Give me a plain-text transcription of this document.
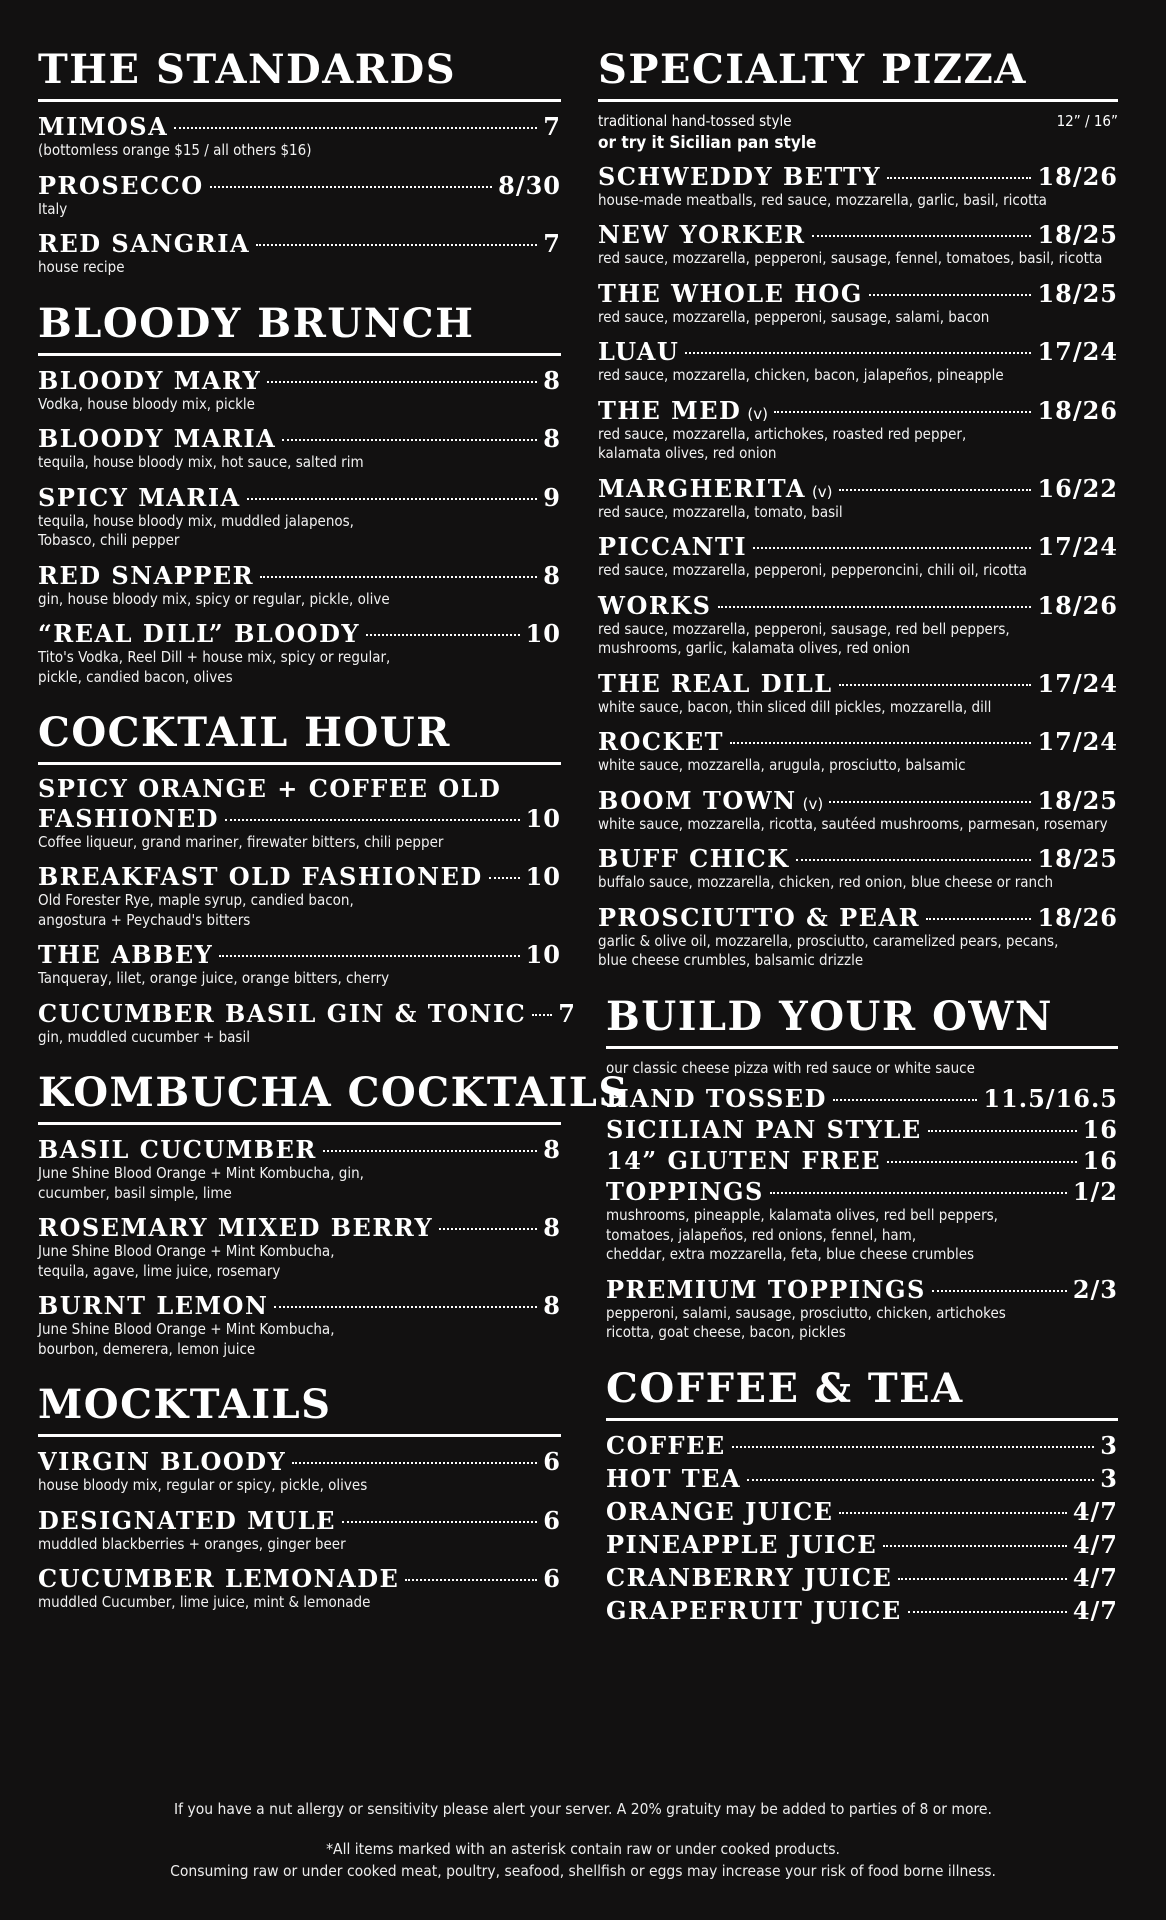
THE STANDARDS
MIMOSA	7
(bottomless orange $15 / all others $16)
PROSECCO	8/30
Italy
RED SANGRIA	7
house recipe
BLOODY BRUNCH
BLOODY MARY	8
Vodka, house bloody mix, pickle
BLOODY MARIA	8
tequila, house bloody mix, hot sauce, salted rim
SPICY MARIA	9
tequila, house bloody mix, muddled jalapenos,
Tobasco, chili pepper
RED SNAPPER	8
gin, house bloody mix, spicy or regular, pickle, olive
“REAL DILL” BLOODY	10
Tito's Vodka, Reel Dill + house mix, spicy or regular,
pickle, candied bacon, olives
COCKTAIL HOUR
SPICY ORANGE + COFFEE OLD
FASHIONED	10
Coffee liqueur, grand mariner, firewater bitters, chili pepper
BREAKFAST OLD FASHIONED 10
Old Forester Rye, maple syrup, candied bacon,
angostura + Peychaud's bitters
THE ABBEY	10
Tanqueray, lilet, orange juice, orange bitters, cherry
CUCUMBER BASIL GIN & TONIC 7
gin, muddled cucumber + basil
KOMBUCHA COCKTAILS
BASIL CUCUMBER	8
June Shine Blood Orange + Mint Kombucha, gin,
cucumber, basil simple, lime
ROSEMARY MIXED BERRY	8
June Shine Blood Orange + Mint Kombucha,
tequila, agave, lime juice, rosemary
BURNT LEMON	8
June Shine Blood Orange + Mint Kombucha,
bourbon, demerera, lemon juice
MOCKTAILS
VIRGIN BLOODY	6
house bloody mix, regular or spicy, pickle, olives
DESIGNATED MULE	6
muddled blackberries + oranges, ginger beer
CUCUMBER LEMONADE	6
muddled Cucumber, lime juice, mint & lemonade
SPECIALTY PIZZA
traditional hand-tossed style	12” / 16”
or try it Sicilian pan style
SCHWEDDY BETTY	18/26
house-made meatballs, red sauce, mozzarella, garlic, basil, ricotta
NEW YORKER	18/25
red sauce, mozzarella, pepperoni, sausage, fennel, tomatoes, basil, ricotta
THE WHOLE HOG	18/25
red sauce, mozzarella, pepperoni, sausage, salami, bacon
LUAU	17/24
red sauce, mozzarella, chicken, bacon, jalapeños, pineapple
THE MED (v)	18/26
red sauce, mozzarella, artichokes, roasted red pepper,
kalamata olives, red onion
MARGHERITA (v)	16/22
red sauce, mozzarella, tomato, basil
PICCANTI	17/24
red sauce, mozzarella, pepperoni, pepperoncini, chili oil, ricotta
WORKS	18/26
red sauce, mozzarella, pepperoni, sausage, red bell peppers,
mushrooms, garlic, kalamata olives, red onion
THE REAL DILL	17/24
white sauce, bacon, thin sliced dill pickles, mozzarella, dill
ROCKET	17/24
white sauce, mozzarella, arugula, prosciutto, balsamic
BOOM TOWN (v)	18/25
white sauce, mozzarella, ricotta, sautéed mushrooms, parmesan, rosemary
BUFF CHICK	18/25
buffalo sauce, mozzarella, chicken, red onion, blue cheese or ranch
PROSCIUTTO & PEAR	18/26
garlic & olive oil, mozzarella, prosciutto, caramelized pears, pecans,
blue cheese crumbles, balsamic drizzle
BUILD YOUR OWN
our classic cheese pizza with red sauce or white sauce
HAND TOSSED	11.5/16.5
SICILIAN PAN STYLE	16
14” GLUTEN FREE	16
TOPPINGS	1/2
mushrooms, pineapple, kalamata olives, red bell peppers,
tomatoes, jalapeños, red onions, fennel, ham,
cheddar, extra mozzarella, feta, blue cheese crumbles
PREMIUM TOPPINGS	2/3
pepperoni, salami, sausage, prosciutto, chicken, artichokes
ricotta, goat cheese, bacon, pickles
COFFEE & TEA
COFFEE	3
HOT TEA	3
ORANGE JUICE	4/7
PINEAPPLE JUICE	4/7
CRANBERRY JUICE	4/7
GRAPEFRUIT JUICE	4/7
If you have a nut allergy or sensitivity please alert your server. A 20% gratuity may be added to parties of 8 or more.
*All items marked with an asterisk contain raw or under cooked products.
Consuming raw or under cooked meat, poultry, seafood, shellfish or eggs may increase your risk of food borne illness.
